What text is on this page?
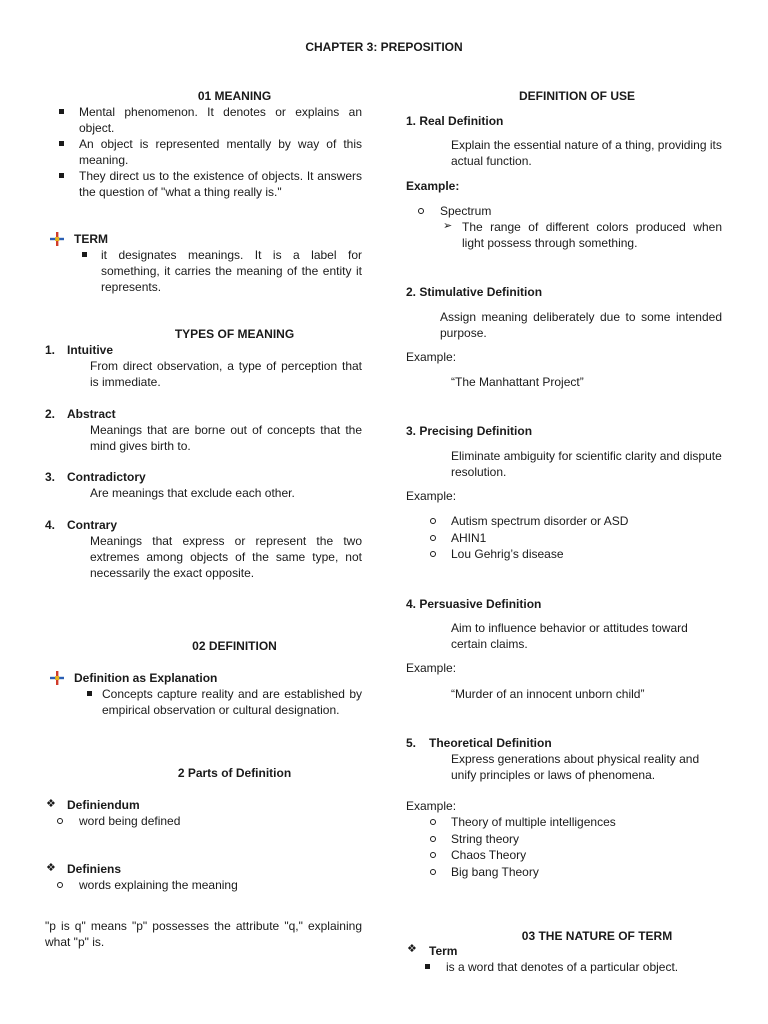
CHAPTER 3: PREPOSITION
01 MEANING
Mental phenomenon. It denotes or explains an object.
An object is represented mentally by way of this meaning.
They direct us to the existence of objects. It answers the question of "what a thing really is."
TERM
it designates meanings. It is a label for something, it carries the meaning of the entity it represents.
TYPES OF MEANING
1. Intuitive
From direct observation, a type of perception that is immediate.
2. Abstract
Meanings that are borne out of concepts that the mind gives birth to.
3. Contradictory
Are meanings that exclude each other.
4. Contrary
Meanings that express or represent the two extremes among objects of the same type, not necessarily the exact opposite.
02 DEFINITION
Definition as Explanation
Concepts capture reality and are established by empirical observation or cultural designation.
2 Parts of Definition
❖ Definiendum
word being defined
❖ Definiens
words explaining the meaning
"p is q" means "p" possesses the attribute "q," explaining what "p" is.
DEFINITION OF USE
1. Real Definition
Explain the essential nature of a thing, providing its actual function.
Example:
Spectrum
➢ The range of different colors produced when light possess through something.
2. Stimulative Definition
Assign meaning deliberately due to some intended purpose.
Example:
“The Manhattant Project”
3. Precising Definition
Eliminate ambiguity for scientific clarity and dispute resolution.
Example:
Autism spectrum disorder or ASD
AHIN1
Lou Gehrig’s disease
4. Persuasive Definition
Aim to influence behavior or attitudes toward certain claims.
Example:
“Murder of an innocent unborn child”
5. Theoretical Definition
Express generations about physical reality and unify principles or laws of phenomena.
Example:
Theory of multiple intelligences
String theory
Chaos Theory
Big bang Theory
03 THE NATURE OF TERM
❖ Term
is a word that denotes of a particular object.
